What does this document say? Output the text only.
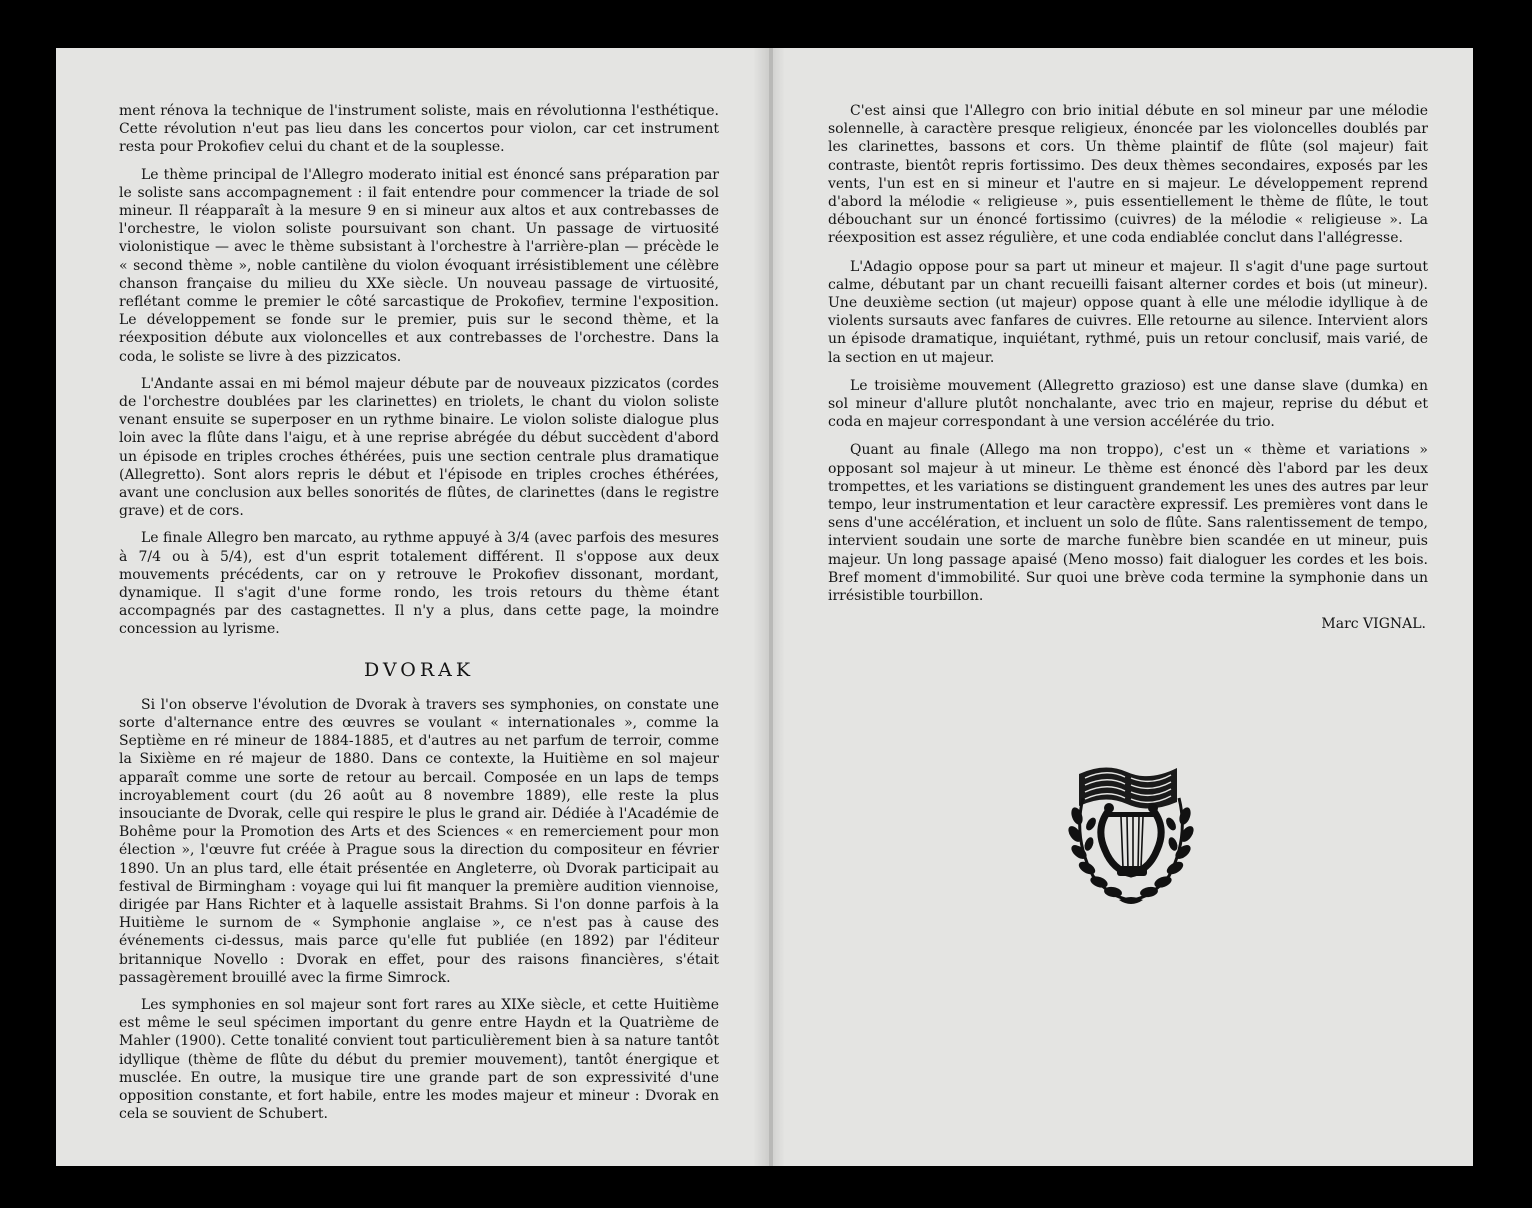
ment rénova la technique de l'instrument soliste, mais en révolutionna l'esthétique. Cette révolution n'eut pas lieu dans les concertos pour violon, car cet instrument resta pour Prokofiev celui du chant et de la souplesse.

Le thème principal de l'Allegro moderato initial est énoncé sans préparation par le soliste sans accompagnement : il fait entendre pour commencer la triade de sol mineur. Il réapparaît à la mesure 9 en si mineur aux altos et aux contrebasses de l'orchestre, le violon soliste poursuivant son chant. Un passage de virtuosité violonistique — avec le thème subsistant à l'orchestre à l'arrière-plan — précède le « second thème », noble cantilène du violon évoquant irrésistiblement une célèbre chanson française du milieu du XXe siècle. Un nouveau passage de virtuosité, reflétant comme le premier le côté sarcastique de Prokofiev, termine l'exposition. Le développement se fonde sur le premier, puis sur le second thème, et la réexposition débute aux violoncelles et aux contrebasses de l'orchestre. Dans la coda, le soliste se livre à des pizzicatos.

L'Andante assai en mi bémol majeur débute par de nouveaux pizzicatos (cordes de l'orchestre doublées par les clarinettes) en triolets, le chant du violon soliste venant ensuite se superposer en un rythme binaire. Le violon soliste dialogue plus loin avec la flûte dans l'aigu, et à une reprise abrégée du début succèdent d'abord un épisode en triples croches éthérées, puis une section centrale plus dramatique (Allegretto). Sont alors repris le début et l'épisode en triples croches éthérées, avant une conclusion aux belles sonorités de flûtes, de clarinettes (dans le registre grave) et de cors.

Le finale Allegro ben marcato, au rythme appuyé à 3/4 (avec parfois des mesures à 7/4 ou à 5/4), est d'un esprit totalement différent. Il s'oppose aux deux mouvements précédents, car on y retrouve le Prokofiev dissonant, mordant, dynamique. Il s'agit d'une forme rondo, les trois retours du thème étant accompagnés par des castagnettes. Il n'y a plus, dans cette page, la moindre concession au lyrisme.

DVORAK

Si l'on observe l'évolution de Dvorak à travers ses symphonies, on constate une sorte d'alternance entre des œuvres se voulant « internationales », comme la Septième en ré mineur de 1884-1885, et d'autres au net parfum de terroir, comme la Sixième en ré majeur de 1880. Dans ce contexte, la Huitième en sol majeur apparaît comme une sorte de retour au bercail. Composée en un laps de temps incroyablement court (du 26 août au 8 novembre 1889), elle reste la plus insouciante de Dvorak, celle qui respire le plus le grand air. Dédiée à l'Académie de Bohême pour la Promotion des Arts et des Sciences « en remerciement pour mon élection », l'œuvre fut créée à Prague sous la direction du compositeur en février 1890. Un an plus tard, elle était présentée en Angleterre, où Dvorak participait au festival de Birmingham : voyage qui lui fit manquer la première audition viennoise, dirigée par Hans Richter et à laquelle assistait Brahms. Si l'on donne parfois à la Huitième le surnom de « Symphonie anglaise », ce n'est pas à cause des événements ci-dessus, mais parce qu'elle fut publiée (en 1892) par l'éditeur britannique Novello : Dvorak en effet, pour des raisons financières, s'était passagèrement brouillé avec la firme Simrock.

Les symphonies en sol majeur sont fort rares au XIXe siècle, et cette Huitième est même le seul spécimen important du genre entre Haydn et la Quatrième de Mahler (1900). Cette tonalité convient tout particulièrement bien à sa nature tantôt idyllique (thème de flûte du début du premier mouvement), tantôt énergique et musclée. En outre, la musique tire une grande part de son expressivité d'une opposition constante, et fort habile, entre les modes majeur et mineur : Dvorak en cela se souvient de Schubert.

C'est ainsi que l'Allegro con brio initial débute en sol mineur par une mélodie solennelle, à caractère presque religieux, énoncée par les violoncelles doublés par les clarinettes, bassons et cors. Un thème plaintif de flûte (sol majeur) fait contraste, bientôt repris fortissimo. Des deux thèmes secondaires, exposés par les vents, l'un est en si mineur et l'autre en si majeur. Le développement reprend d'abord la mélodie « religieuse », puis essentiellement le thème de flûte, le tout débouchant sur un énoncé fortissimo (cuivres) de la mélodie « religieuse ». La réexposition est assez régulière, et une coda endiablée conclut dans l'allégresse.

L'Adagio oppose pour sa part ut mineur et majeur. Il s'agit d'une page surtout calme, débutant par un chant recueilli faisant alterner cordes et bois (ut mineur). Une deuxième section (ut majeur) oppose quant à elle une mélodie idyllique à de violents sursauts avec fanfares de cuivres. Elle retourne au silence. Intervient alors un épisode dramatique, inquiétant, rythmé, puis un retour conclusif, mais varié, de la section en ut majeur.

Le troisième mouvement (Allegretto grazioso) est une danse slave (dumka) en sol mineur d'allure plutôt nonchalante, avec trio en majeur, reprise du début et coda en majeur correspondant à une version accélérée du trio.

Quant au finale (Allego ma non troppo), c'est un « thème et variations » opposant sol majeur à ut mineur. Le thème est énoncé dès l'abord par les deux trompettes, et les variations se distinguent grandement les unes des autres par leur tempo, leur instrumentation et leur caractère expressif. Les premières vont dans le sens d'une accélération, et incluent un solo de flûte. Sans ralentissement de tempo, intervient soudain une sorte de marche funèbre bien scandée en ut mineur, puis majeur. Un long passage apaisé (Meno mosso) fait dialoguer les cordes et les bois. Bref moment d'immobilité. Sur quoi une brève coda termine la symphonie dans un irrésistible tourbillon.

Marc VIGNAL.
